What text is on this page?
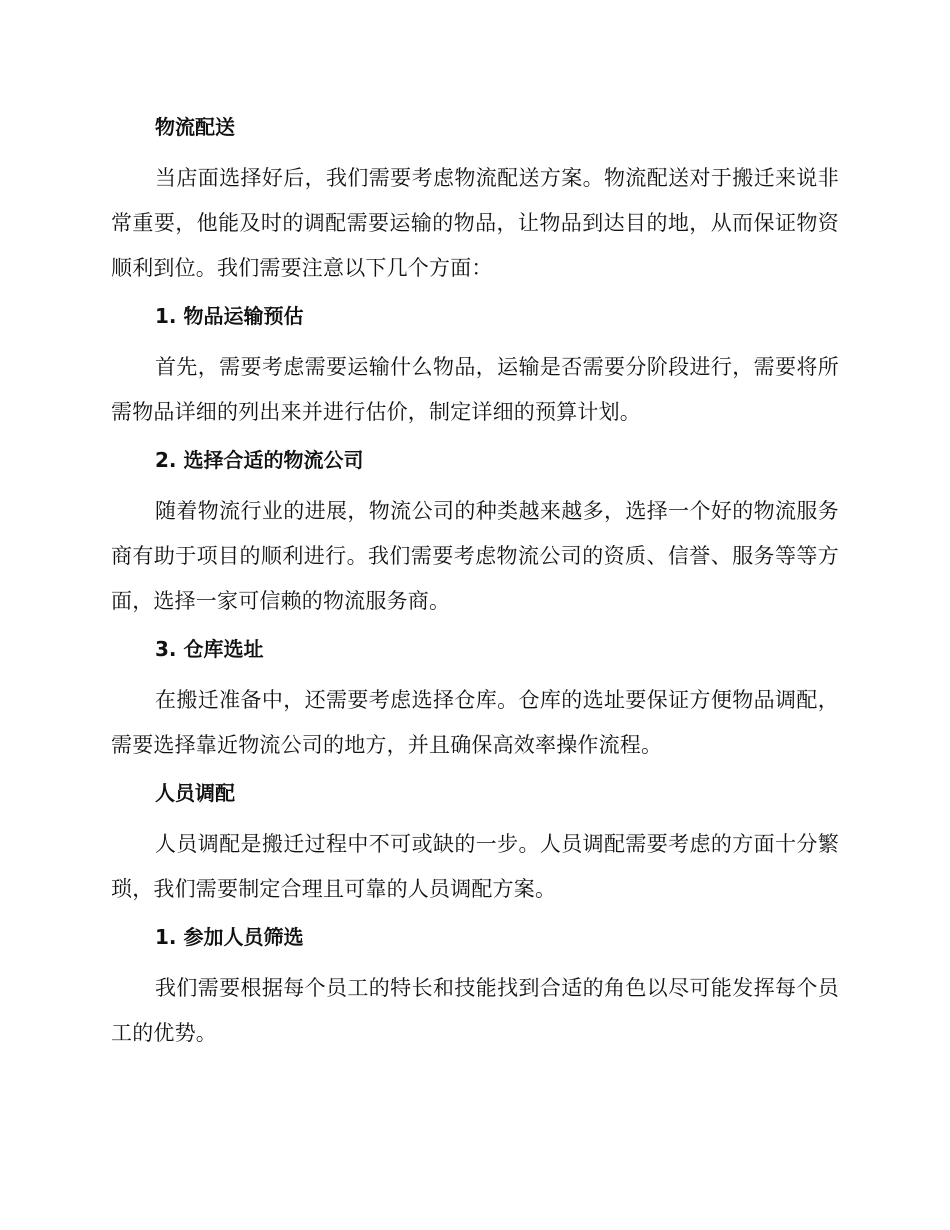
物流配送

当店面选择好后，我们需要考虑物流配送方案。物流配送对于搬迁来说非常重要，他能及时的调配需要运输的物品，让物品到达目的地，从而保证物资顺利到位。我们需要注意以下几个方面：

1. 物品运输预估

首先，需要考虑需要运输什么物品，运输是否需要分阶段进行，需要将所需物品详细的列出来并进行估价，制定详细的预算计划。

2. 选择合适的物流公司

随着物流行业的进展，物流公司的种类越来越多，选择一个好的物流服务商有助于项目的顺利进行。我们需要考虑物流公司的资质、信誉、服务等等方面，选择一家可信赖的物流服务商。

3. 仓库选址

在搬迁准备中，还需要考虑选择仓库。仓库的选址要保证方便物品调配，需要选择靠近物流公司的地方，并且确保高效率操作流程。

人员调配

人员调配是搬迁过程中不可或缺的一步。人员调配需要考虑的方面十分繁琐，我们需要制定合理且可靠的人员调配方案。

1. 参加人员筛选

我们需要根据每个员工的特长和技能找到合适的角色以尽可能发挥每个员工的优势。
